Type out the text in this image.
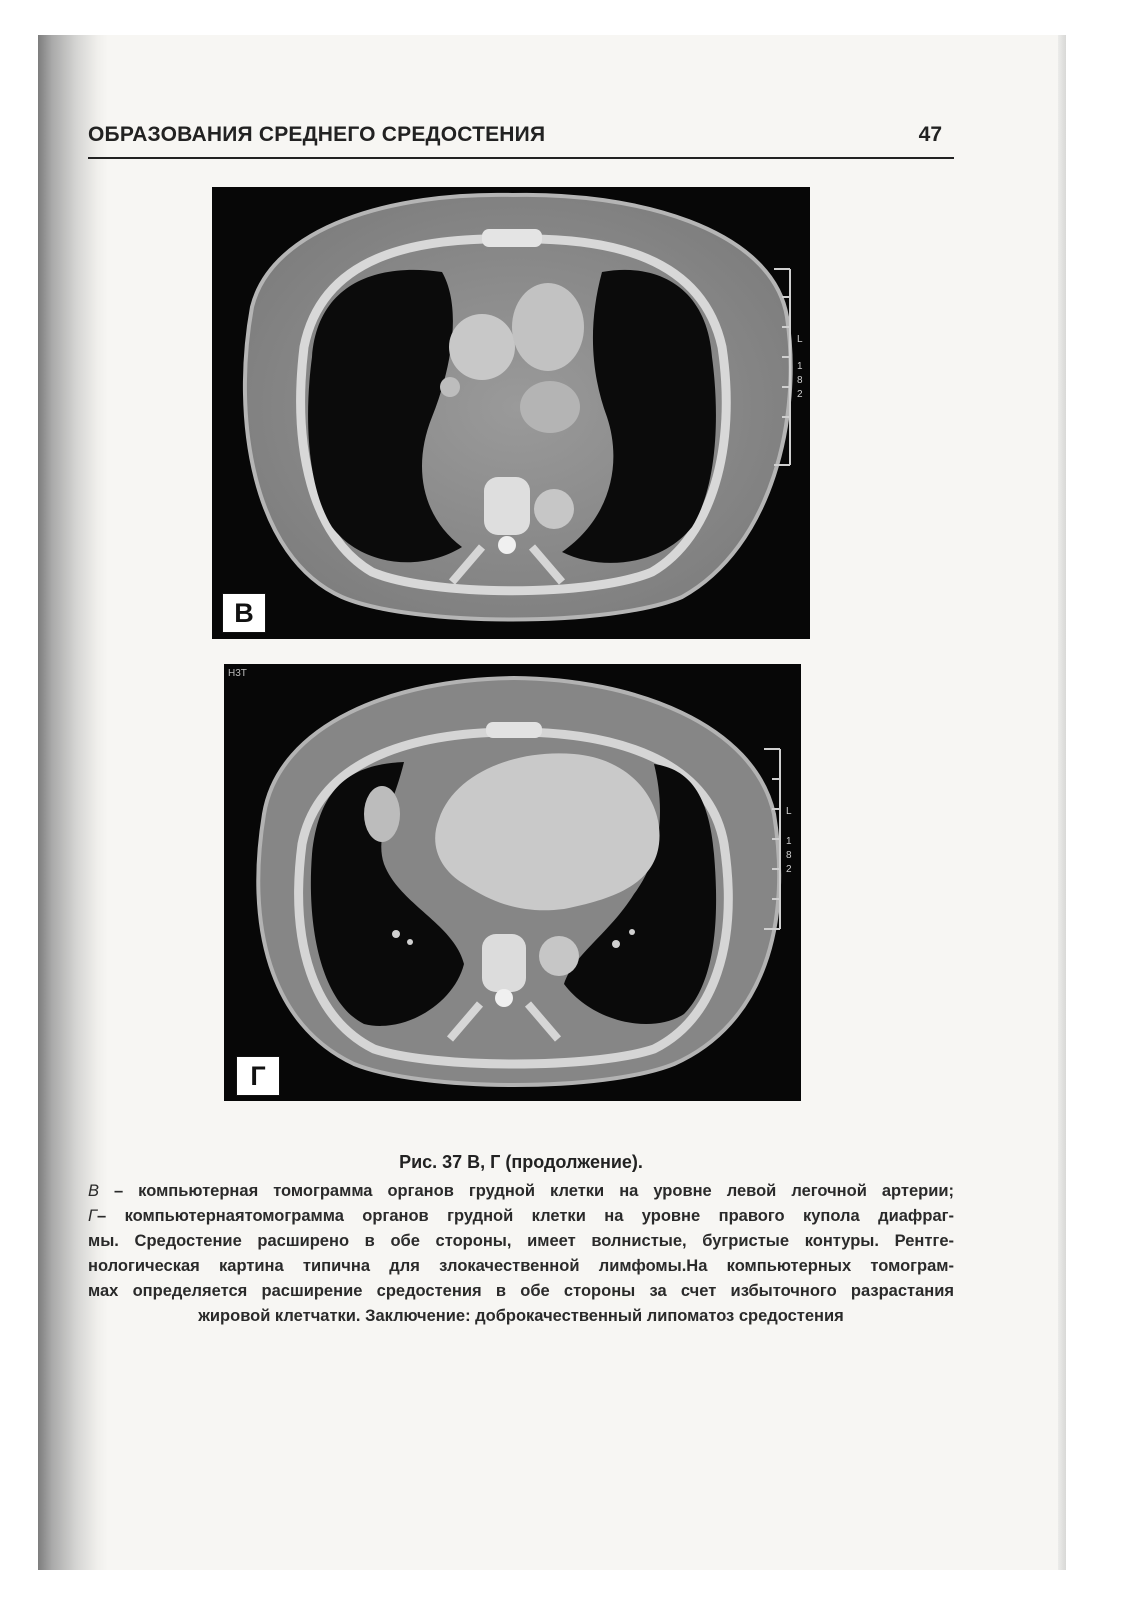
ОБРАЗОВАНИЯ СРЕДНЕГО СРЕДОСТЕНИЯ	47
L
1
8
2
В
H3T
L
1
8
2
Г
Рис. 37 В, Г (продолжение).
В – компьютерная томограмма органов грудной клетки на уровне левой легочной артерии;
Г– компьютернаятомограмма органов грудной клетки на уровне правого купола диафраг-
мы. Средостение расширено в обе стороны, имеет волнистые, бугристые контуры. Рентге-
нологическая картина типична для злокачественной лимфомы.На компьютерных томограм-
мах определяется расширение средостения в обе стороны за счет избыточного разрастания
жировой клетчатки. Заключение: доброкачественный липоматоз средостения
